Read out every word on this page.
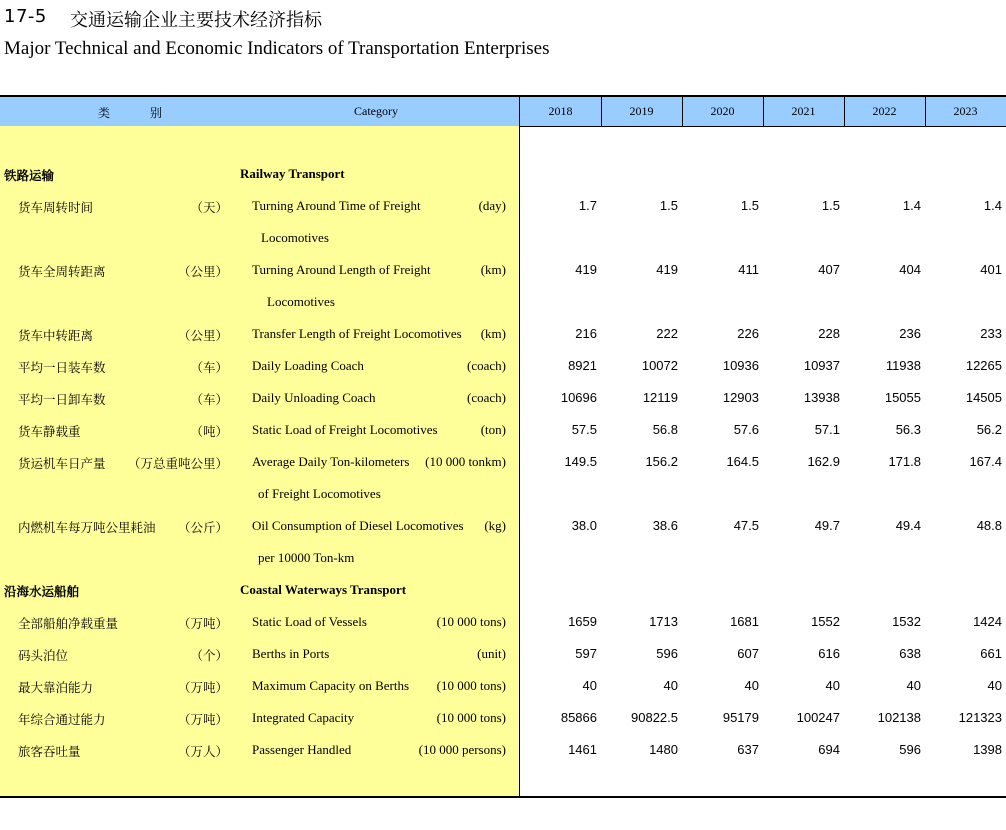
17-5 交通运输企业主要技术经济指标
Major Technical and Economic Indicators of Transportation Enterprises
类　别	Category	2018	2019	2020	2021	2022	2023
铁路运输	Railway Transport
货车周转时间	（天） Turning Around Time of Freight	(day)	1.7	1.5	1.5	1.5	1.4	1.4
Locomotives
货车全周转距离	（公里） Turning Around Length of Freight	(km)	419	419	411	407	404	401
Locomotives
货车中转距离	（公里） Transfer Length of Freight Locomotives (km)	216	222	226	228	236	233
平均一日装车数	（车） Daily Loading Coach	(coach)	8921	10072	10936	10937	11938	12265
平均一日卸车数	（车） Daily Unloading Coach	(coach)	10696	12119	12903	13938	15055	14505
货车静载重	（吨） Static Load of Freight Locomotives	(ton)	57.5	56.8	57.6	57.1	56.3	56.2
货运机车日产量 （万总重吨公里） Average Daily Ton-kilometers (10 000 tonkm)	149.5	156.2	164.5	162.9	171.8	167.4
of Freight Locomotives
内燃机车每万吨公里耗油 （公斤） Oil Consumption of Diesel Locomotives (kg)	38.0	38.6	47.5	49.7	49.4	48.8
per 10000 Ton-km
沿海水运船舶	Coastal Waterways Transport
全部船舶净载重量	（万吨） Static Load of Vessels	(10 000 tons)	1659	1713	1681	1552	1532	1424
码头泊位	（个） Berths in Ports	(unit)	597	596	607	616	638	661
最大靠泊能力	（万吨） Maximum Capacity on Berths (10 000 tons)	40	40	40	40	40	40
年综合通过能力	（万吨） Integrated Capacity	(10 000 tons)	85866	90822.5	95179	100247	102138	121323
旅客吞吐量	（万人） Passenger Handled	(10 000 persons)	1461	1480	637	694	596	1398
